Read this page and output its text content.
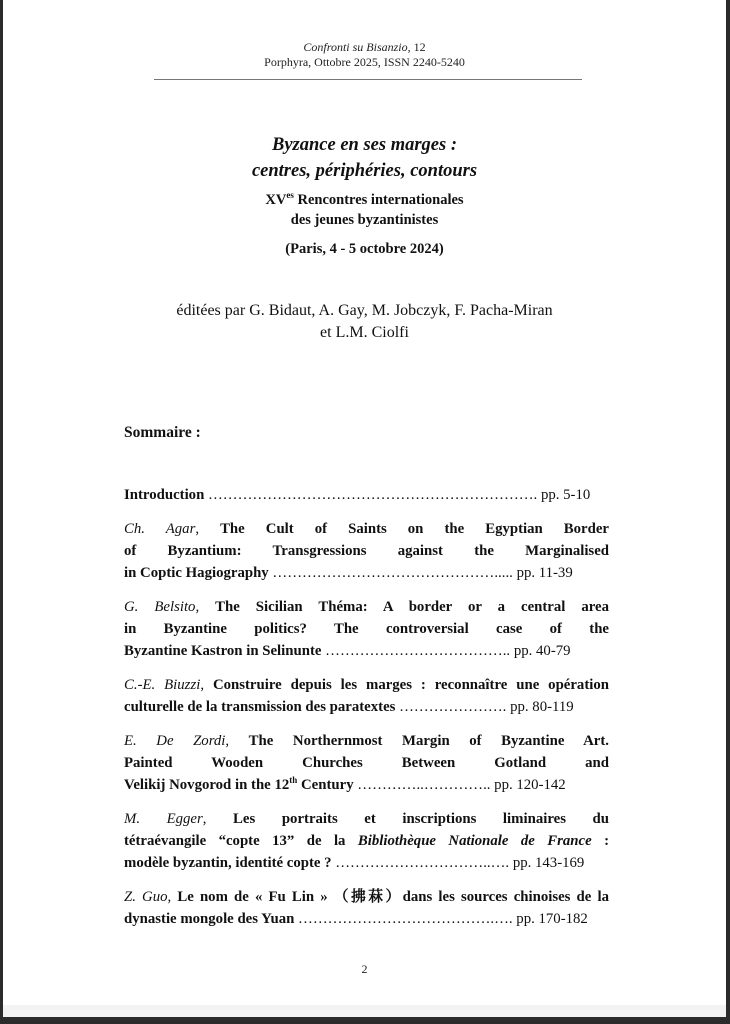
Confronti su Bisanzio, 12
Porphyra, Ottobre 2025, ISSN 2240-5240
Byzance en ses marges :
centres, périphéries, contours
$XV^{es}$ Rencontres internationales
des jeunes byzantinistes
(Paris, 4 - 5 octobre 2024)
éditées par G. Bidaut, A. Gay, M. Jobczyk, F. Pacha-Miran
et L.M. Ciolfi
Sommaire :
Introduction …………………………………………………………. pp. 5-10
Ch. Agar, The Cult of Saints on the Egyptian Border
of Byzantium: Transgressions against the Marginalised
in Coptic Hagiography ………………………………………..... pp. 11-39
G. Belsito, The Sicilian Théma: A border or a central area
in Byzantine politics? The controversial case of the
Byzantine Kastron in Selinunte ……………………………….. pp. 40-79
C.-E. Biuzzi, Construire depuis les marges : reconnaître une opération
culturelle de la transmission des paratextes …………………. pp. 80-119
E. De Zordi, The Northernmost Margin of Byzantine Art.
Painted Wooden Churches Between Gotland and
Velikij Novgorod in the 12th Century …………..………….. pp. 120-142
M. Egger, Les portraits et inscriptions liminaires du
tétraévangile “copte 13” de la Bibliothèque Nationale de France :
modèle byzantin, identité copte ? …………………………..…. pp. 143-169
Z. Guo, Le nom de « Fu Lin » （拂菻）dans les sources chinoises de la
dynastie mongole des Yuan ………………………………….…. pp. 170-182
2
